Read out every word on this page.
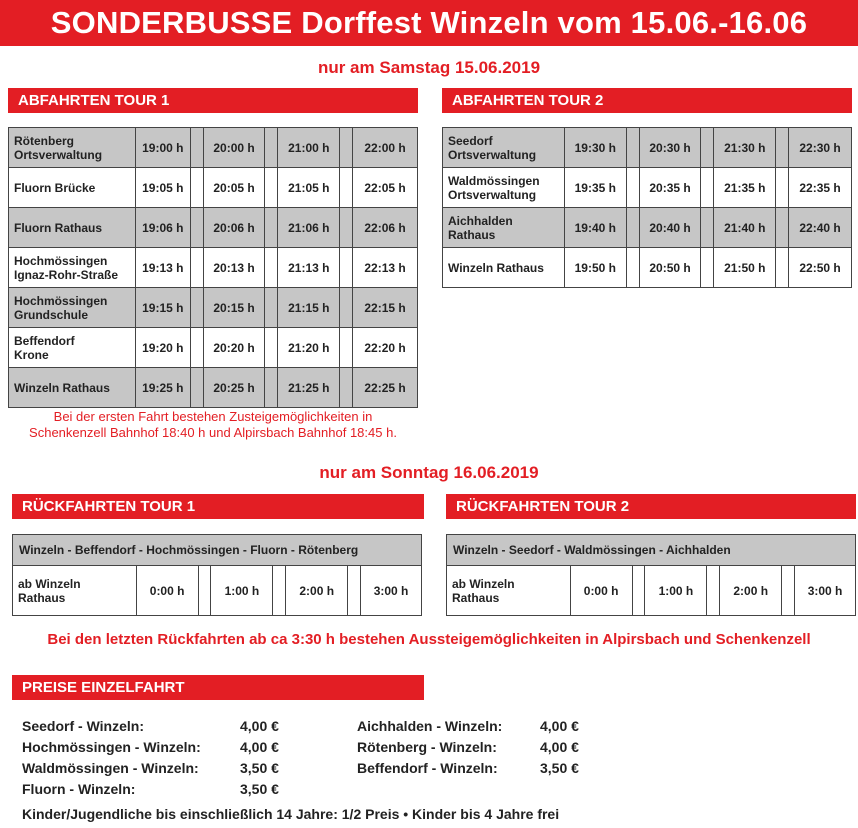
SONDERBUSSE Dorffest Winzeln vom 15.06.-16.06
nur am Samstag 15.06.2019
ABFAHRTEN TOUR 1	ABFAHRTEN TOUR 2
Rötenberg
Ortsverwaltung	19:00 h		20:00 h		21:00 h		22:00 h

Fluorn Brücke	19:05 h		20:05 h		21:05 h		22:05 h

Fluorn Rathaus	19:06 h		20:06 h		21:06 h		22:06 h

Hochmössingen
Ignaz-Rohr-Straße	19:13 h		20:13 h		21:13 h		22:13 h

Hochmössingen
Grundschule	19:15 h		20:15 h		21:15 h		22:15 h

Beffendorf
Krone	19:20 h		20:20 h		21:20 h		22:20 h

Winzeln Rathaus	19:25 h		20:25 h		21:25 h		22:25 h
Seedorf
Ortsverwaltung	19:30 h		20:30 h		21:30 h		22:30 h

Waldmössingen
Ortsverwaltung	19:35 h		20:35 h		21:35 h		22:35 h

Aichhalden
Rathaus	19:40 h		20:40 h		21:40 h		22:40 h

Winzeln Rathaus	19:50 h		20:50 h		21:50 h		22:50 h
Bei der ersten Fahrt bestehen Zusteigemöglichkeiten in
Schenkenzell Bahnhof 18:40 h und Alpirsbach Bahnhof 18:45 h.
nur am Sonntag 16.06.2019
RÜCKFAHRTEN TOUR 1	RÜCKFAHRTEN TOUR 2
Winzeln - Beffendorf - Hochmössingen - Fluorn - Rötenberg

ab Winzeln
Rathaus	0:00 h		1:00 h		2:00 h		3:00 h
Winzeln - Seedorf - Waldmössingen - Aichhalden

ab Winzeln
Rathaus	0:00 h		1:00 h		2:00 h		3:00 h
Bei den letzten Rückfahrten ab ca 3:30 h bestehen Aussteigemöglichkeiten in Alpirsbach und Schenkenzell
PREISE EINZELFAHRT
Seedorf - Winzeln:	4,00 €
Hochmössingen - Winzeln:	4,00 €
Waldmössingen - Winzeln:	3,50 €
Fluorn - Winzeln:	3,50 €
Aichhalden - Winzeln:	4,00 €
Rötenberg - Winzeln:	4,00 €
Beffendorf - Winzeln:	3,50 €
Kinder/Jugendliche bis einschließlich 14 Jahre: 1/2 Preis • Kinder bis 4 Jahre frei
